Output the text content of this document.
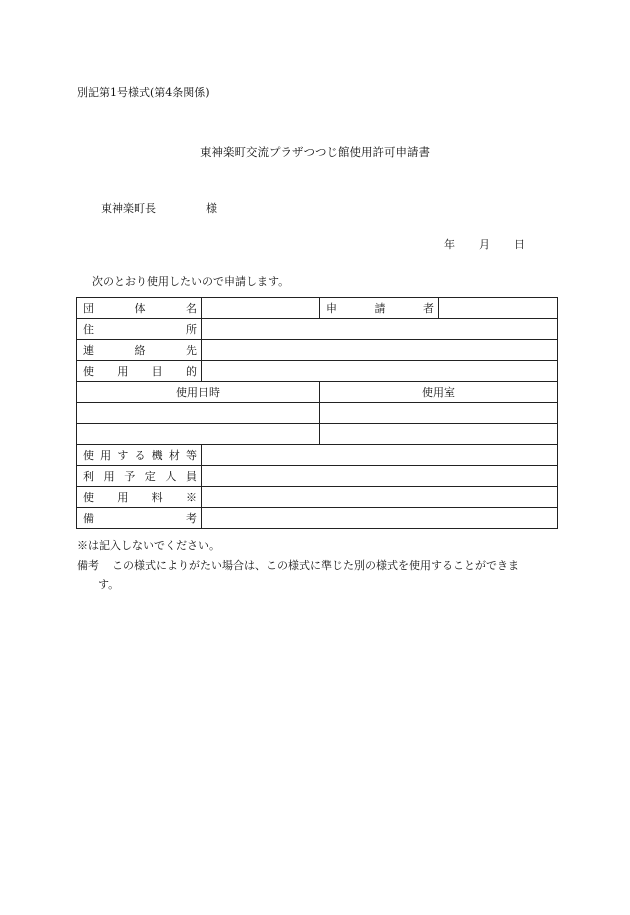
別記第1号様式(第4条関係)
東神楽町交流プラザつつじ館使用許可申請書
東神楽町長	様
年 月 日
次のとおり使用したいので申請します。
団体名		申請者	
住所			
連絡先			
使用目的			
使用日時		使用室	

使用する機材等			
利用予定人員			
使用料※			
備考			
※は記入しないでください。
備考 この様式によりがたい場合は、この様式に準じた別の様式を使用することができま
す。
